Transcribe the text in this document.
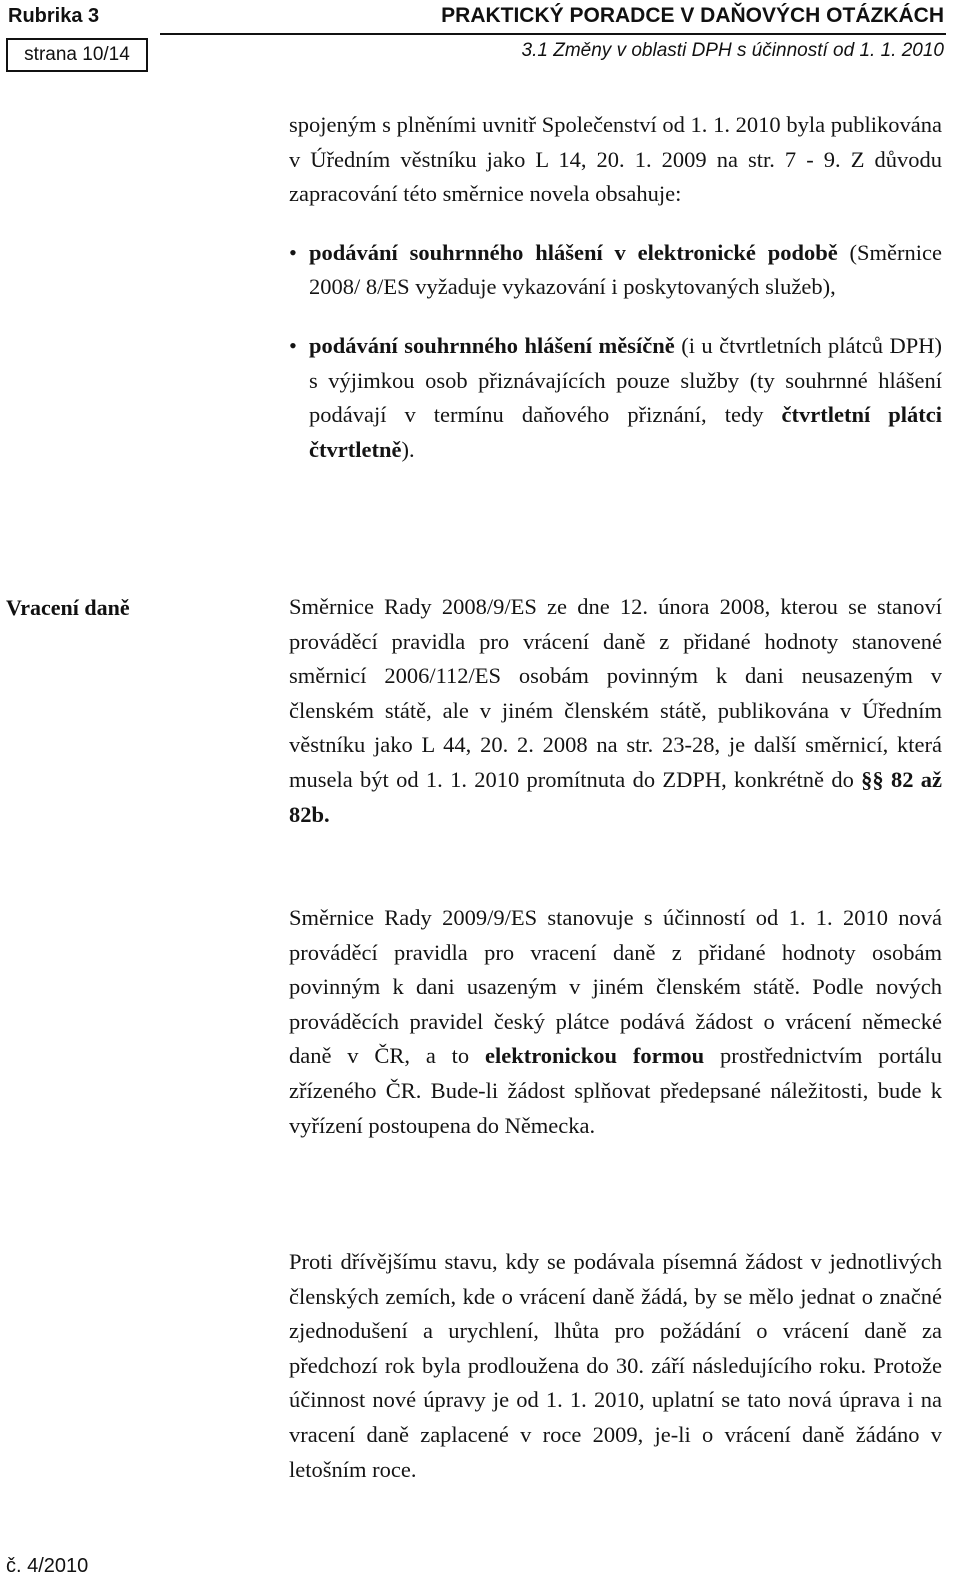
Rubrika 3
strana 10/14
PRAKTICKÝ PORADCE V DAŇOVÝCH OTÁZKÁCH
3.1 Změny v oblasti DPH s účinností od 1. 1. 2010

spojeným s plněními uvnitř Společenství od 1. 1. 2010 byla publikována v Úředním věstníku jako L 14, 20. 1. 2009 na str. 7 - 9. Z důvodu zapracování této směrnice novela obsahuje:

• podávání souhrnného hlášení v elektronické podobě (Směrnice 2008/ 8/ES vyžaduje vykazování i poskytovaných služeb),

• podávání souhrnného hlášení měsíčně (i u čtvrtletních plátců DPH) s výjimkou osob přiznávajících pouze služby (ty souhrnné hlášení podávají v termínu daňového přiznání, tedy čtvrtletní plátci čtvrtletně).

Vracení daně	Směrnice Rady 2008/9/ES ze dne 12. února 2008, kterou se stanoví prováděcí pravidla pro vrácení daně z přidané hodnoty stanovené směrnicí 2006/112/ES osobám povinným k dani neusazeným v členském státě, ale v jiném členském státě, publikována v Úředním věstníku jako L 44, 20. 2. 2008 na str. 23-28, je další směrnicí, která musela být od 1. 1. 2010 promítnuta do ZDPH, konkrétně do §§ 82 až 82b.

Směrnice Rady 2009/9/ES stanovuje s účinností od 1. 1. 2010 nová prováděcí pravidla pro vracení daně z přidané hodnoty osobám povinným k dani usazeným v jiném členském státě. Podle nových prováděcích pravidel český plátce podává žádost o vrácení německé daně v ČR, a to elektronickou formou prostřednictvím portálu zřízeného ČR. Bude-li žádost splňovat předepsané náležitosti, bude k vyřízení postoupena do Německa.

Proti dřívějšímu stavu, kdy se podávala písemná žádost v jednotlivých členských zemích, kde o vrácení daně žádá, by se mělo jednat o značné zjednodušení a urychlení, lhůta pro požádání o vrácení daně za předchozí rok byla prodloužena do 30. září následujícího roku. Protože účinnost nové úpravy je od 1. 1. 2010, uplatní se tato nová úprava i na vracení daně zaplacené v roce 2009, je-li o vrácení daně žádáno v letošním roce.

č. 4/2010
